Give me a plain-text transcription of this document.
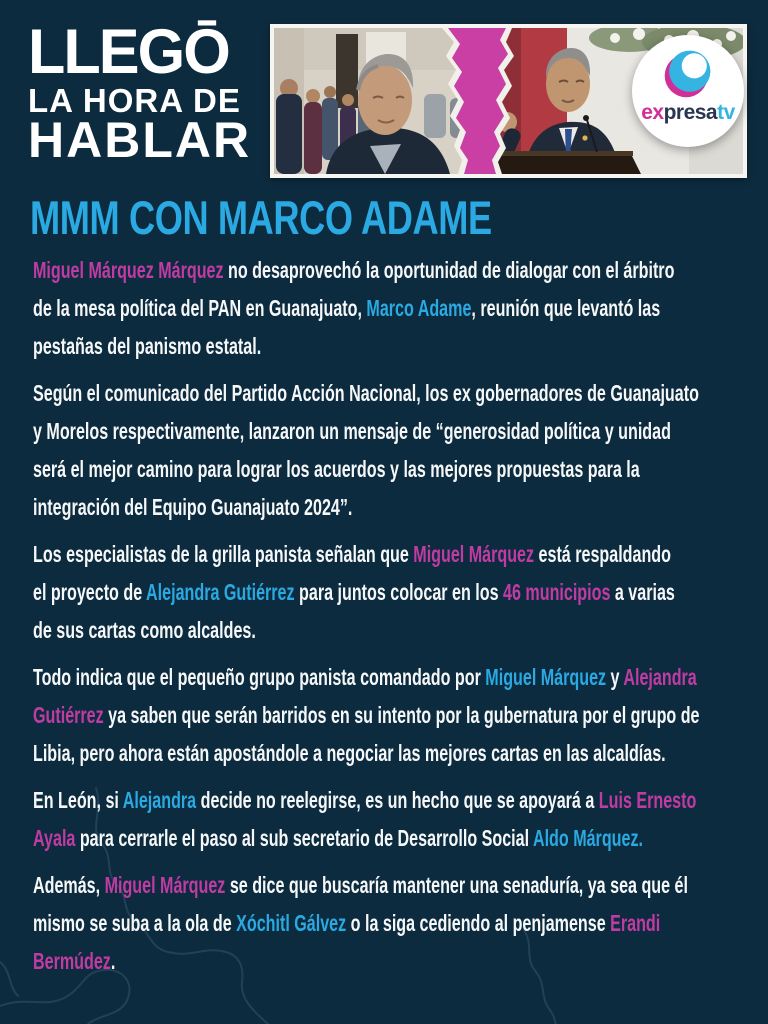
LLEGŌ
LA HORA DE
HABLAR	expresatv
MMM CON MARCO ADAME
Miguel Márquez Márquez no desaprovechó la oportunidad de dialogar con el árbitro
de la mesa política del PAN en Guanajuato, Marco Adame, reunión que levantó las
pestañas del panismo estatal.
Según el comunicado del Partido Acción Nacional, los ex gobernadores de Guanajuato
y Morelos respectivamente, lanzaron un mensaje de “generosidad política y unidad
será el mejor camino para lograr los acuerdos y las mejores propuestas para la
integración del Equipo Guanajuato 2024”.
Los especialistas de la grilla panista señalan que Miguel Márquez está respaldando
el proyecto de Alejandra Gutiérrez para juntos colocar en los 46 municipios a varias
de sus cartas como alcaldes.
Todo indica que el pequeño grupo panista comandado por Miguel Márquez y Alejandra
Gutiérrez ya saben que serán barridos en su intento por la gubernatura por el grupo de
Libia, pero ahora están apostándole a negociar las mejores cartas en las alcaldías.
En León, si Alejandra decide no reelegirse, es un hecho que se apoyará a Luis Ernesto
Ayala para cerrarle el paso al sub secretario de Desarrollo Social Aldo Márquez.
Además, Miguel Márquez se dice que buscaría mantener una senaduría, ya sea que él
mismo se suba a la ola de Xóchitl Gálvez o la siga cediendo al penjamense Erandi
Bermúdez.
